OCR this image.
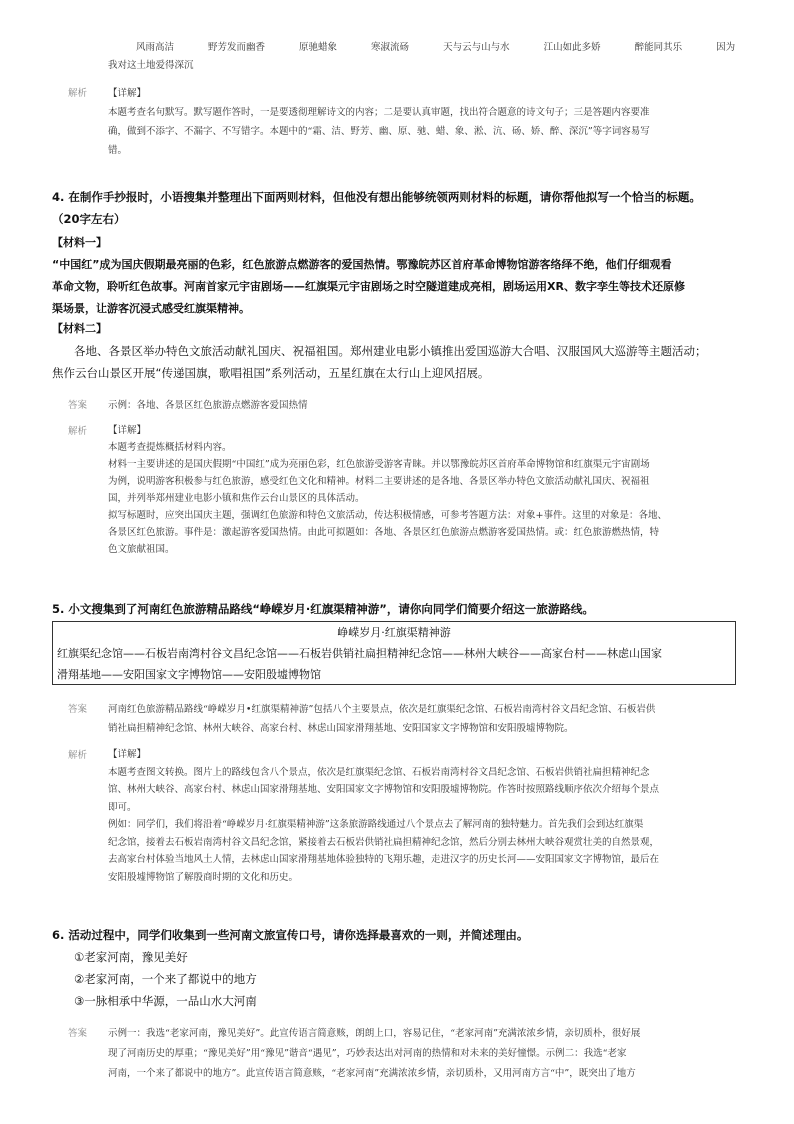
风雨高洁	野芳发而幽香	原驰蜡象	寒淑流砀	天与云与山与水	江山如此多娇	醉能同其乐	因为
我对这土地爱得深沉
解析	【详解】
本题考查名句默写。默写题作答时，一是要透彻理解诗文的内容；二是要认真审题，找出符合题意的诗文句子；三是答题内容要准
确，做到不添字、不漏字、不写错字。本题中的“霜、洁、野芳、幽、原、驰、蜡、象、淞、沆、砀、娇、醉、深沉”等字词容易写
错。
4. 在制作手抄报时，小语搜集并整理出下面两则材料，但他没有想出能够统领两则材料的标题，请你帮他拟写一个恰当的标题。
（20字左右）
【材料一】
“中国红”成为国庆假期最亮丽的色彩，红色旅游点燃游客的爱国热情。鄂豫皖苏区首府革命博物馆游客络绎不绝，他们仔细观看
革命文物，聆听红色故事。河南首家元宇宙剧场——红旗渠元宇宙剧场之时空隧道建成亮相，剧场运用XR、数字孪生等技术还原修
渠场景，让游客沉浸式感受红旗渠精神。
【材料二】
各地、各景区举办特色文旅活动献礼国庆、祝福祖国。郑州建业电影小镇推出爱国巡游大合唱、汉服国风大巡游等主题活动；
焦作云台山景区开展“传递国旗，歌唱祖国”系列活动，五星红旗在太行山上迎风招展。
答案	示例：各地、各景区红色旅游点燃游客爱国热情
解析	【详解】
本题考查提炼概括材料内容。
材料一主要讲述的是国庆假期“中国红”成为亮丽色彩，红色旅游受游客青睐。并以鄂豫皖苏区首府革命博物馆和红旗渠元宇宙剧场
为例，说明游客积极参与红色旅游，感受红色文化和精神。材料二主要讲述的是各地、各景区举办特色文旅活动献礼国庆、祝福祖
国，并列举郑州建业电影小镇和焦作云台山景区的具体活动。
拟写标题时，应突出国庆主题，强调红色旅游和特色文旅活动，传达积极情感，可参考答题方法：对象+事件。这里的对象是：各地、
各景区红色旅游。事件是：激起游客爱国热情。由此可拟题如：各地、各景区红色旅游点燃游客爱国热情。或：红色旅游燃热情，特
色文旅献祖国。
5. 小文搜集到了河南红色旅游精品路线“峥嵘岁月·红旗渠精神游”，请你向同学们简要介绍这一旅游路线。
峥嵘岁月·红旗渠精神游
红旗渠纪念馆——石板岩南湾村谷文昌纪念馆——石板岩供销社扁担精神纪念馆——林州大峡谷——高家台村——林虑山国家
滑翔基地——安阳国家文字博物馆——安阳殷墟博物馆
答案	河南红色旅游精品路线“峥嵘岁月•红旗渠精神游”包括八个主要景点，依次是红旗渠纪念馆、石板岩南湾村谷文昌纪念馆、石板岩供
销社扁担精神纪念馆、林州大峡谷、高家台村、林虑山国家滑翔基地、安阳国家文字博物馆和安阳殷墟博物院。
解析	【详解】
本题考查图文转换。图片上的路线包含八个景点，依次是红旗渠纪念馆、石板岩南湾村谷文昌纪念馆、石板岩供销社扁担精神纪念
馆、林州大峡谷、高家台村、林虑山国家滑翔基地、安阳国家文字博物馆和安阳殷墟博物院。作答时按照路线顺序依次介绍每个景点
即可。
例如：同学们，我们将沿着“峥嵘岁月·红旗渠精神游”这条旅游路线通过八个景点去了解河南的独特魅力。首先我们会到达红旗渠
纪念馆，接着去石板岩南湾村谷文昌纪念馆，紧接着去石板岩供销社扁担精神纪念馆，然后分别去林州大峡谷观赏壮美的自然景观，
去高家台村体验当地风土人情，去林虑山国家滑翔基地体验独特的飞翔乐趣，走进汉字的历史长河——安阳国家文字博物馆，最后在
安阳殷墟博物馆了解殷商时期的文化和历史。
6. 活动过程中，同学们收集到一些河南文旅宣传口号，请你选择最喜欢的一则，并简述理由。
①老家河南，豫见美好
②老家河南，一个来了都说中的地方
③一脉相承中华源，一品山水大河南
答案	示例一：我选“老家河南，豫见美好”。此宣传语言简意赅，朗朗上口，容易记住，“老家河南”充满浓浓乡情，亲切质朴，很好展
现了河南历史的厚重；“豫见美好”用“豫见”谐音“遇见”，巧妙表达出对河南的热情和对未来的美好憧憬。示例二：我选“老家
河南，一个来了都说中的地方”。此宣传语言简意赅，“老家河南”充满浓浓乡情，亲切质朴，又用河南方言“中”，既突出了地方
